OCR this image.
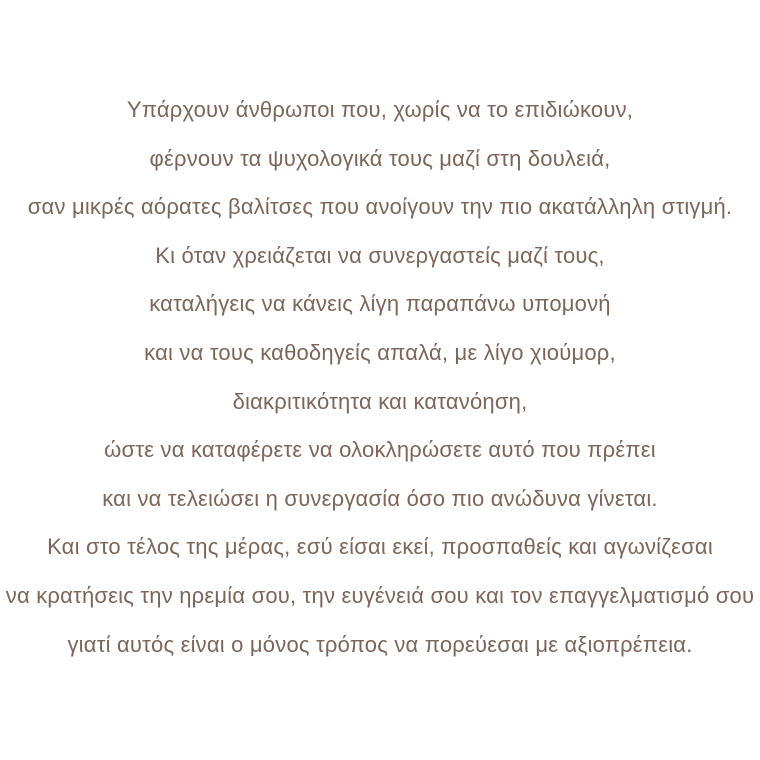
Υπάρχουν άνθρωποι που, χωρίς να το επιδιώκουν,
φέρνουν τα ψυχολογικά τους μαζί στη δουλειά,
σαν μικρές αόρατες βαλίτσες που ανοίγουν την πιο ακατάλληλη στιγμή.
Κι όταν χρειάζεται να συνεργαστείς μαζί τους,
καταλήγεις να κάνεις λίγη παραπάνω υπομονή
και να τους καθοδηγείς απαλά, με λίγο χιούμορ,
διακριτικότητα και κατανόηση,
ώστε να καταφέρετε να ολοκληρώσετε αυτό που πρέπει
και να τελειώσει η συνεργασία όσο πιο ανώδυνα γίνεται.
Και στο τέλος της μέρας, εσύ είσαι εκεί, προσπαθείς και αγωνίζεσαι
να κρατήσεις την ηρεμία σου, την ευγένειά σου και τον επαγγελματισμό σου
γιατί αυτός είναι ο μόνος τρόπος να πορεύεσαι με αξιοπρέπεια.
